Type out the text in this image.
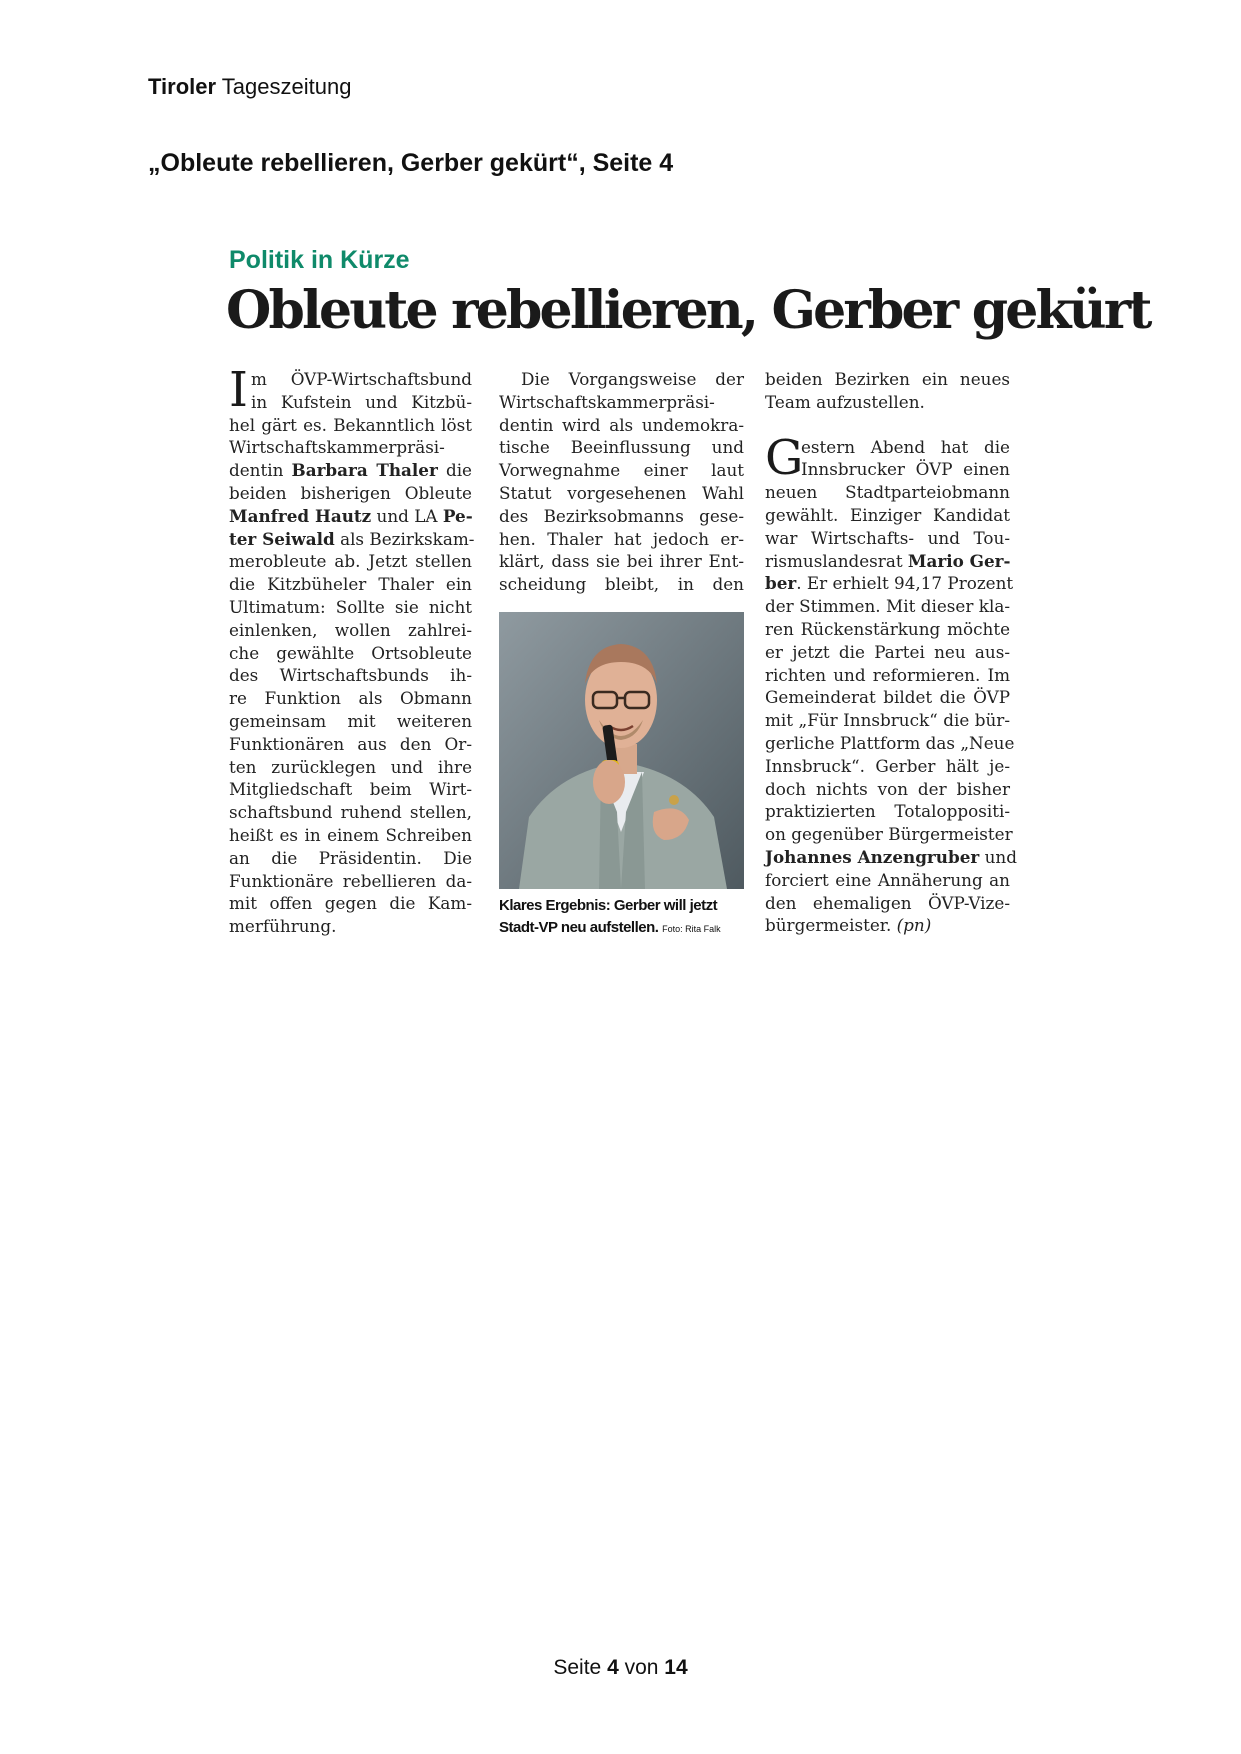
Tiroler Tageszeitung
„Obleute rebellieren, Gerber gekürt“, Seite 4
Politik in Kürze
Obleute rebellieren, Gerber gekürt
I m ÖVP-Wirtschaftsbund
in Kufstein und Kitzbü-
hel gärt es. Bekanntlich löst
Wirtschaftskammerpräsi-
dentin Barbara Thaler die
beiden bisherigen Obleute
Manfred Hautz und LA Pe-
ter Seiwald als Bezirkskam-
merobleute ab. Jetzt stellen
die Kitzbüheler Thaler ein
Ultimatum: Sollte sie nicht
einlenken, wollen zahlrei-
che gewählte Ortsobleute
des Wirtschaftsbunds ih-
re Funktion als Obmann
gemeinsam mit weiteren
Funktionären aus den Or-
ten zurücklegen und ihre
Mitgliedschaft beim Wirt-
schaftsbund ruhend stellen,
heißt es in einem Schreiben
an die Präsidentin. Die
Funktionäre rebellieren da-
mit offen gegen die Kam-
merführung.
Die Vorgangsweise der
Wirtschaftskammerpräsi-
dentin wird als undemokra-
tische Beeinflussung und
Vorwegnahme einer laut
Statut vorgesehenen Wahl
des Bezirksobmanns gese-
hen. Thaler hat jedoch er-
klärt, dass sie bei ihrer Ent-
scheidung bleibt, in den
Klares Ergebnis: Gerber will jetzt
Stadt-VP neu aufstellen. Foto: Rita Falk
beiden Bezirken ein neues
Team aufzustellen.
G
estern Abend hat die
Innsbrucker ÖVP einen
neuen Stadtparteiobmann
gewählt. Einziger Kandidat
war Wirtschafts- und Tou-
rismuslandesrat Mario Ger-
ber. Er erhielt 94,17 Prozent
der Stimmen. Mit dieser kla-
ren Rückenstärkung möchte
er jetzt die Partei neu aus-
richten und reformieren. Im
Gemeinderat bildet die ÖVP
mit „Für Innsbruck“ die bür-
gerliche Plattform das „Neue
Innsbruck“. Gerber hält je-
doch nichts von der bisher
praktizierten Totaloppositi-
on gegenüber Bürgermeister
Johannes Anzengruber und
forciert eine Annäherung an
den ehemaligen ÖVP-Vize-
bürgermeister. (pn)
Seite 4 von 14
